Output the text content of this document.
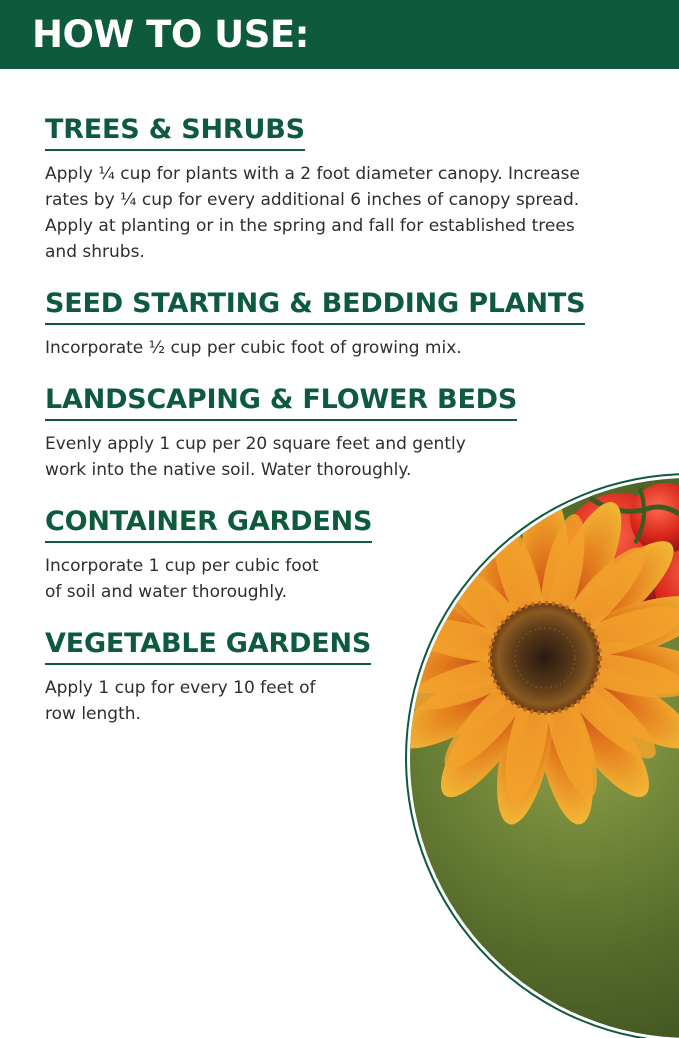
HOW TO USE:
TREES & SHRUBS
Apply ¼ cup for plants with a 2 foot diameter canopy. Increase
rates by ¼ cup for every additional 6 inches of canopy spread.
Apply at planting or in the spring and fall for established trees
and shrubs.
SEED STARTING & BEDDING PLANTS
Incorporate ½ cup per cubic foot of growing mix.
LANDSCAPING & FLOWER BEDS
Evenly apply 1 cup per 20 square feet and gently
work into the native soil. Water thoroughly.
CONTAINER GARDENS
Incorporate 1 cup per cubic foot
of soil and water thoroughly.
VEGETABLE GARDENS
Apply 1 cup for every 10 feet of
row length.
